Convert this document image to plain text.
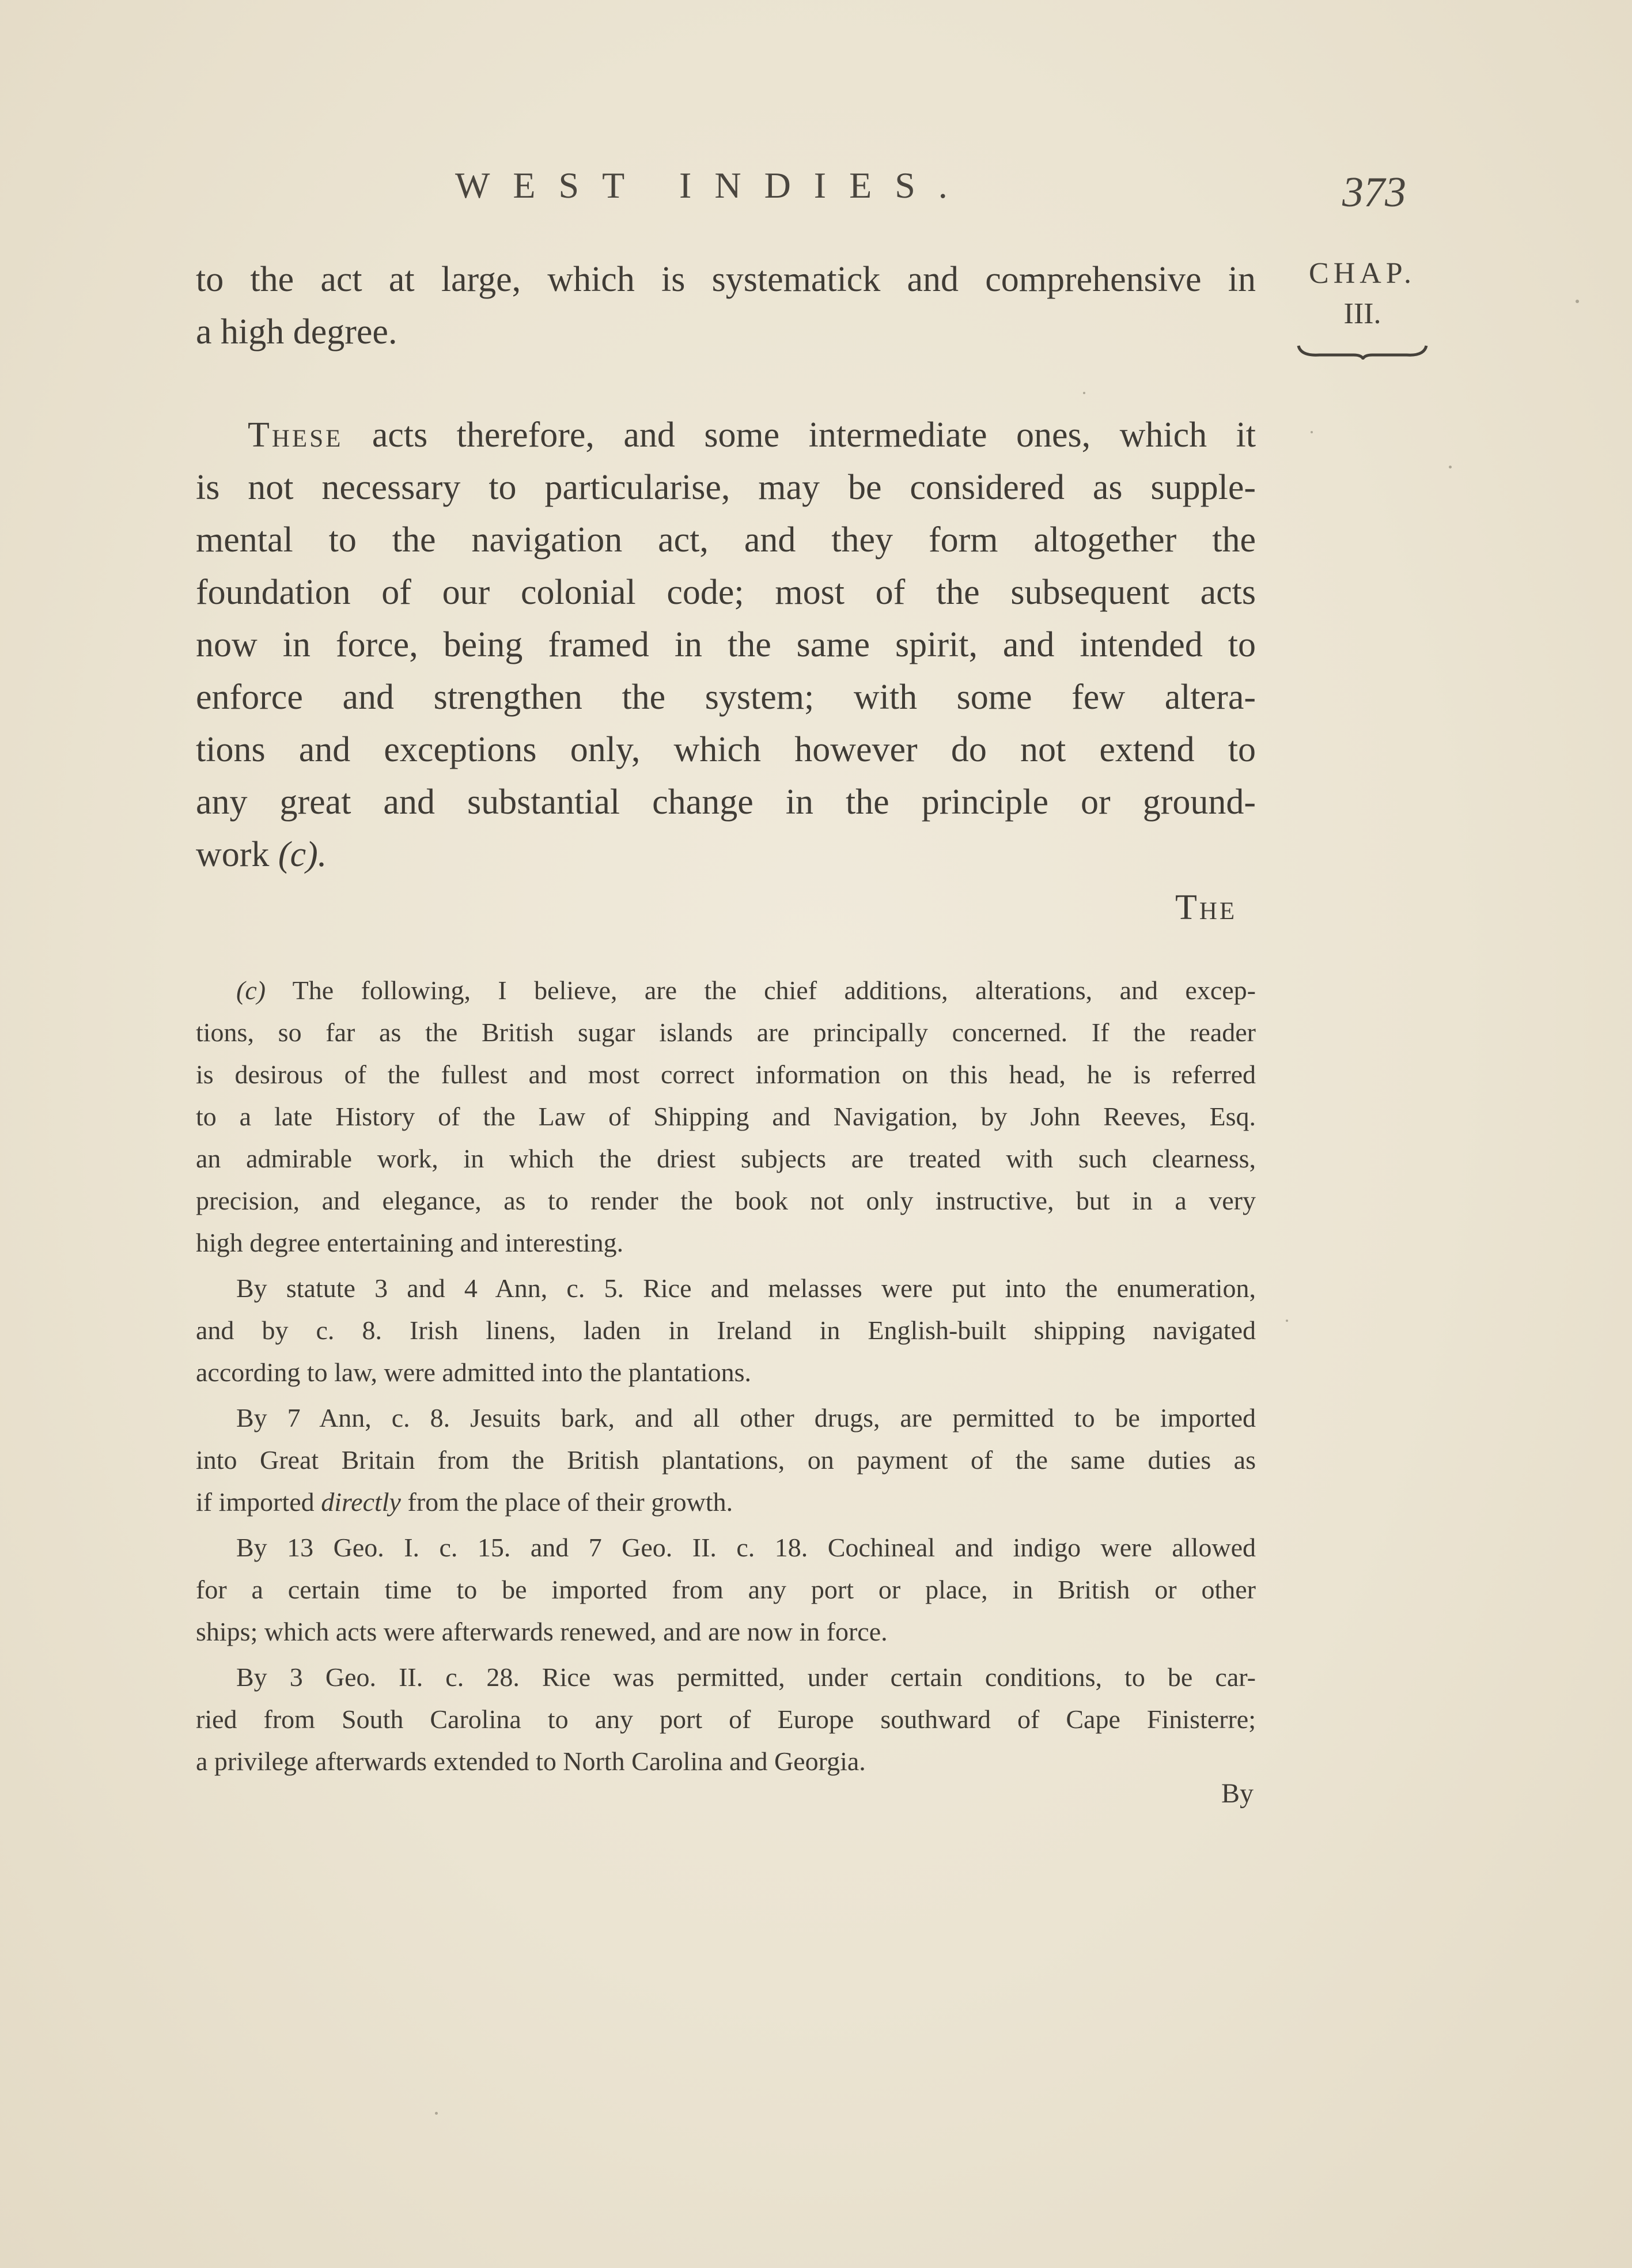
WEST INDIES.	373
CHAP.
III.
to the act at large, which is systematick and comprehensive in
a high degree.
These acts therefore, and some intermediate ones, which it
is not necessary to particularise, may be considered as supple-
mental to the navigation act, and they form altogether the
foundation of our colonial code; most of the subsequent acts
now in force, being framed in the same spirit, and intended to
enforce and strengthen the system; with some few altera-
tions and exceptions only, which however do not extend to
any great and substantial change in the principle or ground-
work (c).
The
(c) The following, I believe, are the chief additions, alterations, and excep-
tions, so far as the British sugar islands are principally concerned. If the reader
is desirous of the fullest and most correct information on this head, he is referred
to a late History of the Law of Shipping and Navigation, by John Reeves, Esq.
an admirable work, in which the driest subjects are treated with such clearness,
precision, and elegance, as to render the book not only instructive, but in a very
high degree entertaining and interesting.
By statute 3 and 4 Ann, c. 5. Rice and melasses were put into the enumeration,
and by c. 8. Irish linens, laden in Ireland in English-built shipping navigated
according to law, were admitted into the plantations.
By 7 Ann, c. 8. Jesuits bark, and all other drugs, are permitted to be imported
into Great Britain from the British plantations, on payment of the same duties as
if imported directly from the place of their growth.
By 13 Geo. I. c. 15. and 7 Geo. II. c. 18. Cochineal and indigo were allowed
for a certain time to be imported from any port or place, in British or other
ships; which acts were afterwards renewed, and are now in force.
By 3 Geo. II. c. 28. Rice was permitted, under certain conditions, to be car-
ried from South Carolina to any port of Europe southward of Cape Finisterre;
a privilege afterwards extended to North Carolina and Georgia.
By
